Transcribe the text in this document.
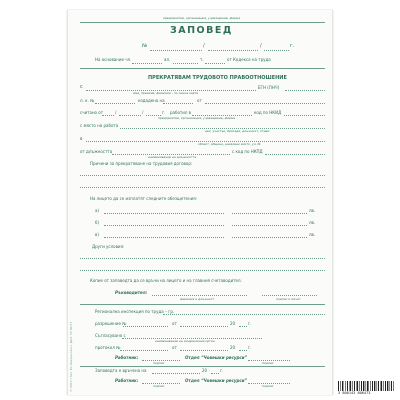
предприятие, организация, учреждение, фирма
ЗАПОВЕД
№	/	/	г.
На основание чл.	ал.	т.	от Кодекса на труда
ПРЕКРАТЯВАМ ТРУДОВОТО ПРАВООТНОШЕНИЕ
с	ЕГН (ЛНЧ)
име, презиме, фамилия – по лична карта
л. к. №	издадена на	от
считано от	/	/	г. работил в	код по НКИД
предприятие, организация, учреждение, фирма
с място на работа
цех, участък, бригада, длъжност, отдел
в
област, община, населено място, ул. №
от длъжността	с код по НКПД
наименование на длъжността
Причини за прекратяване на трудовия договор:
На лицето да се изплатят следните обезщетения:
а)	лв.
б)	лв.
в)	лв.
Други условия:
Копие от заповедта да се връчи на лицето и на главния счетоводител.
Ръководител:
фамилия и длъжност	подпис и печат
Регионална инспекция по труда – гр.
разрешение №	от	20	г.
Съгласувано с
наименование на синдикалния орган
протокол №	от	20	г.
Работник:	Отдел “Човешки ресурси”
подпис	подпис
Заповедта е връчена на	20	г.
Работник:	Отдел “Човешки ресурси”
подпис	подпис
© 2013 «Тип. Ел Оверинтенс» ДАЗ. 35 00:51
3 800143 806473
